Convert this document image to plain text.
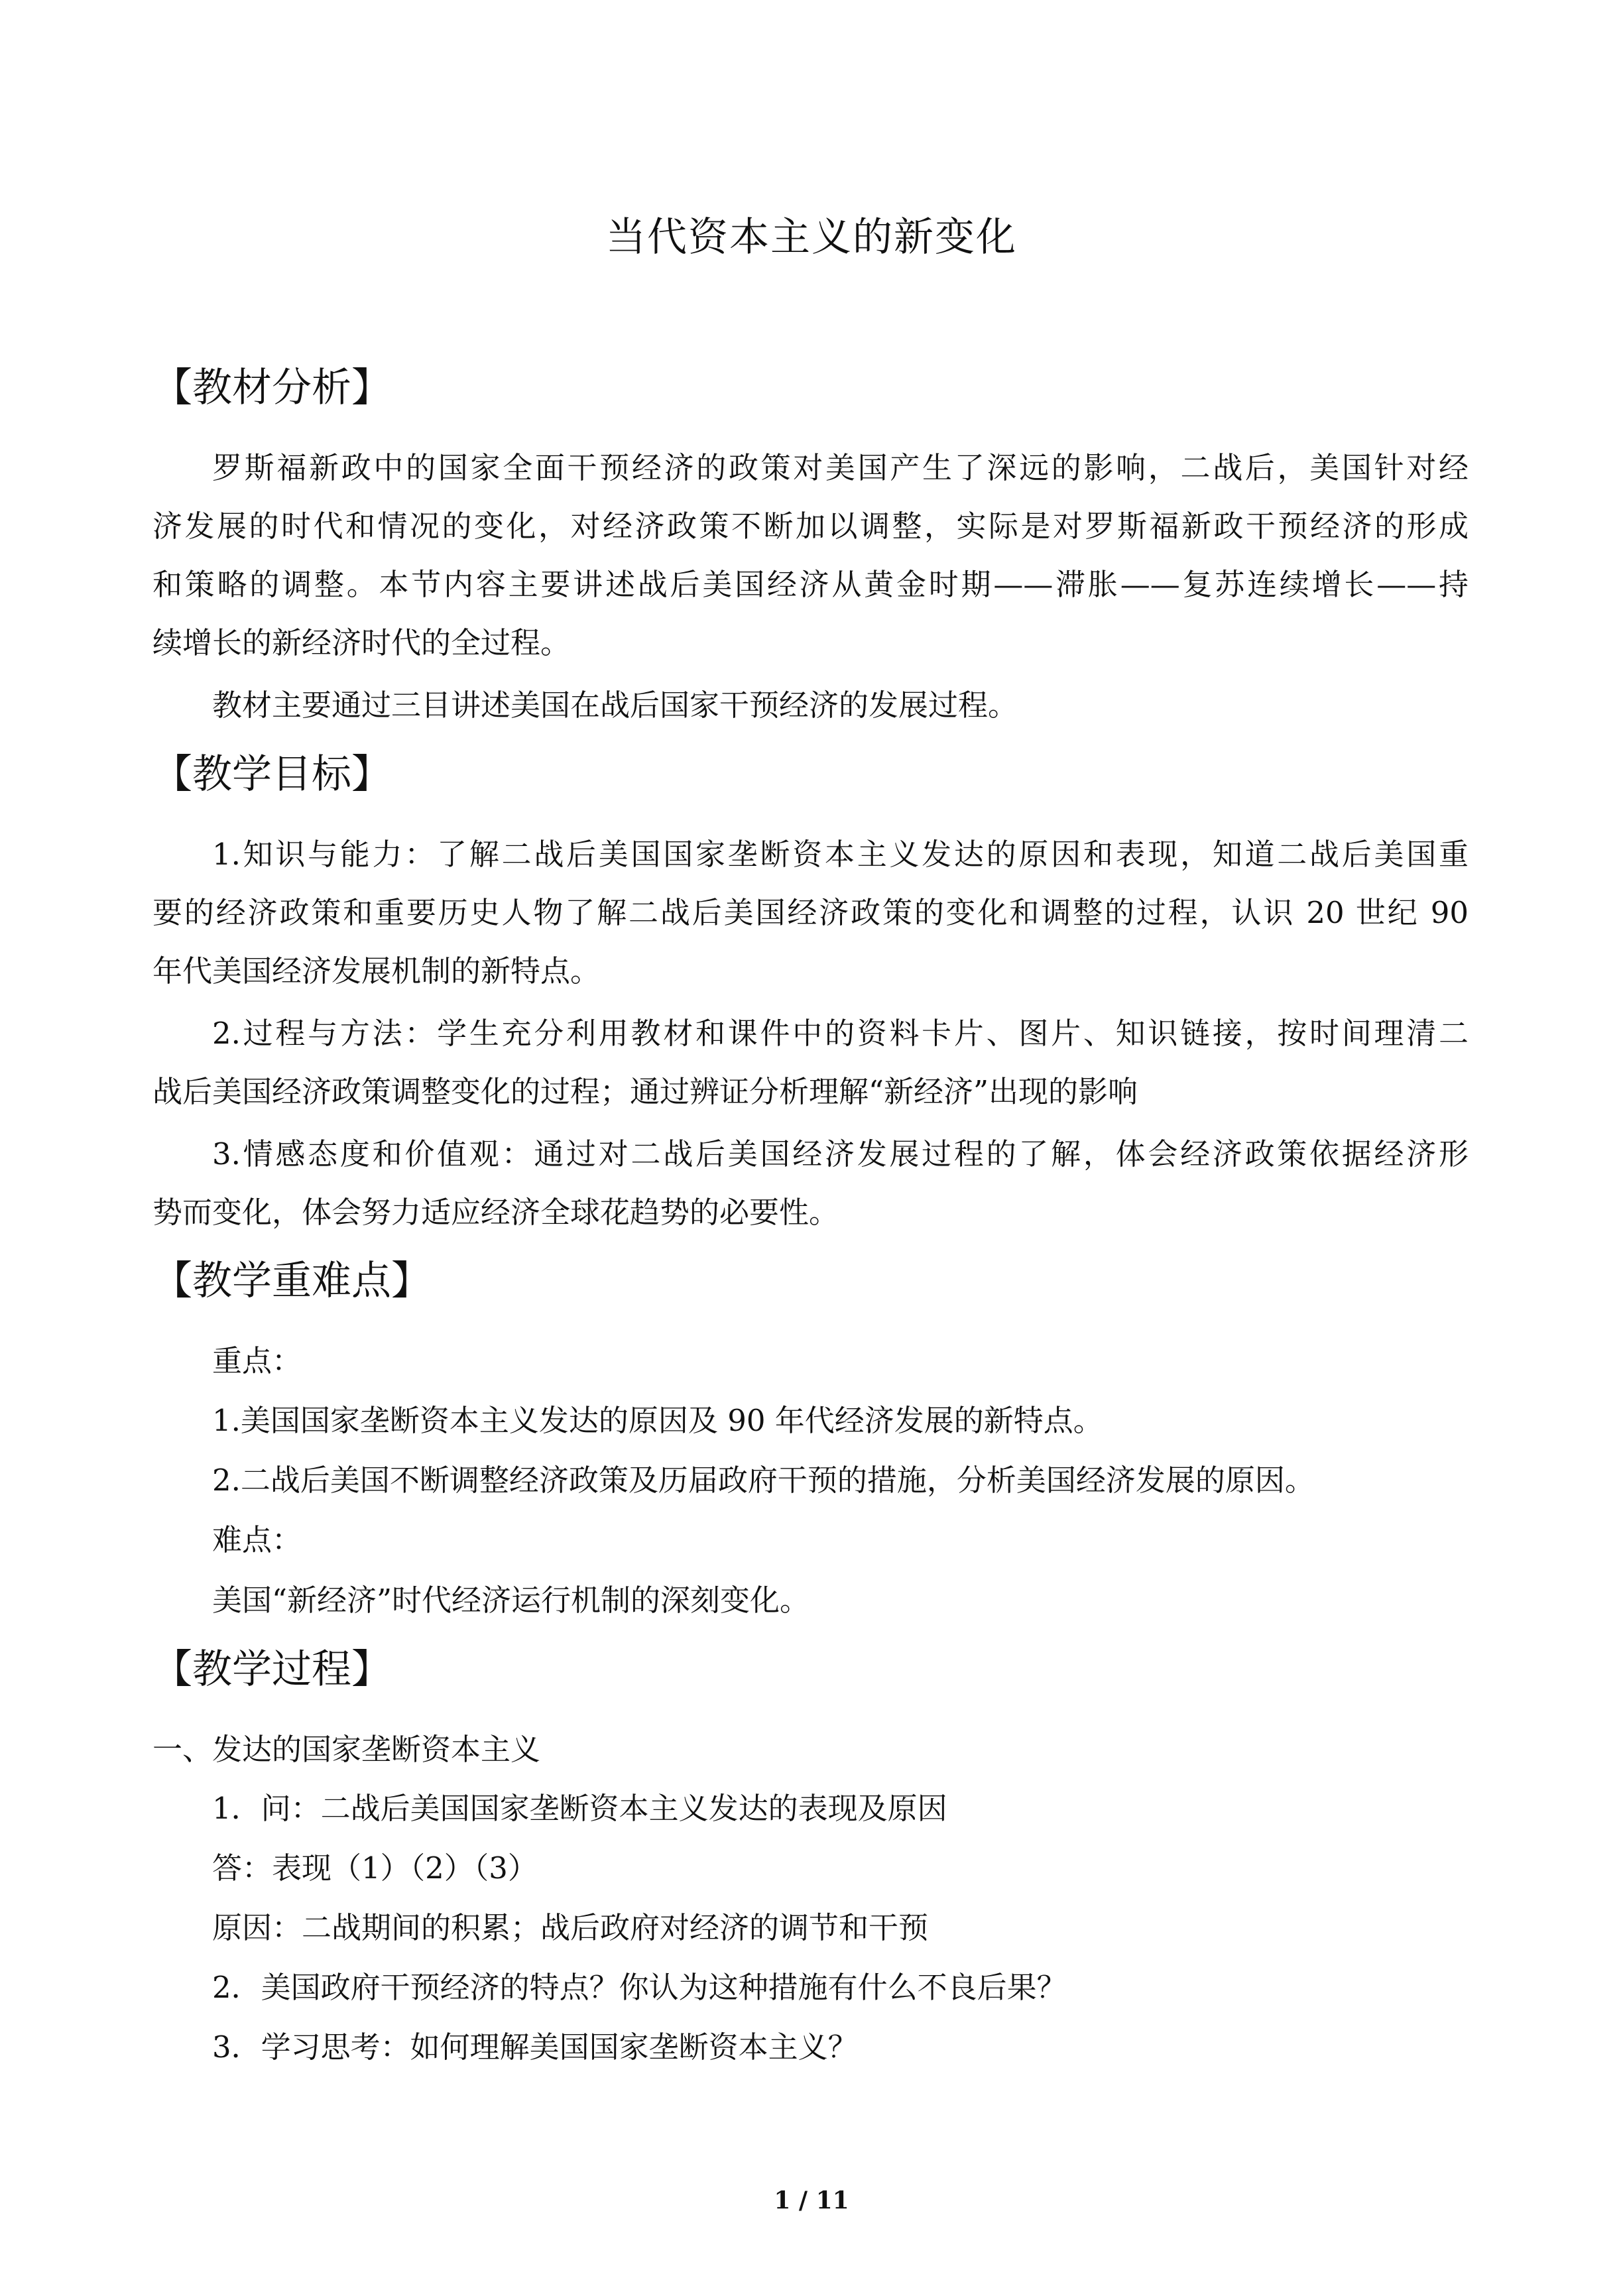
当代资本主义的新变化
【教材分析】
罗斯福新政中的国家全面干预经济的政策对美国产生了深远的影响，二战后，美国针对经
济发展的时代和情况的变化，对经济政策不断加以调整，实际是对罗斯福新政干预经济的形成
和策略的调整。本节内容主要讲述战后美国经济从黄金时期——滞胀——复苏连续增长——持
续增长的新经济时代的全过程。
教材主要通过三目讲述美国在战后国家干预经济的发展过程。
【教学目标】
1.知识与能力：了解二战后美国国家垄断资本主义发达的原因和表现，知道二战后美国重
要的经济政策和重要历史人物了解二战后美国经济政策的变化和调整的过程，认识 20 世纪 90
年代美国经济发展机制的新特点。
2.过程与方法：学生充分利用教材和课件中的资料卡片、图片、知识链接，按时间理清二
战后美国经济政策调整变化的过程；通过辨证分析理解“新经济”出现的影响
3.情感态度和价值观：通过对二战后美国经济发展过程的了解，体会经济政策依据经济形
势而变化，体会努力适应经济全球花趋势的必要性。
【教学重难点】
重点：
1.美国国家垄断资本主义发达的原因及 90 年代经济发展的新特点。
2.二战后美国不断调整经济政策及历届政府干预的措施，分析美国经济发展的原因。
难点：
美国“新经济”时代经济运行机制的深刻变化。
【教学过程】
一、发达的国家垄断资本主义
1．问：二战后美国国家垄断资本主义发达的表现及原因
答：表现（1）（2）（3）
原因：二战期间的积累；战后政府对经济的调节和干预
2．美国政府干预经济的特点？你认为这种措施有什么不良后果？
3．学习思考：如何理解美国国家垄断资本主义？
1 / 11
